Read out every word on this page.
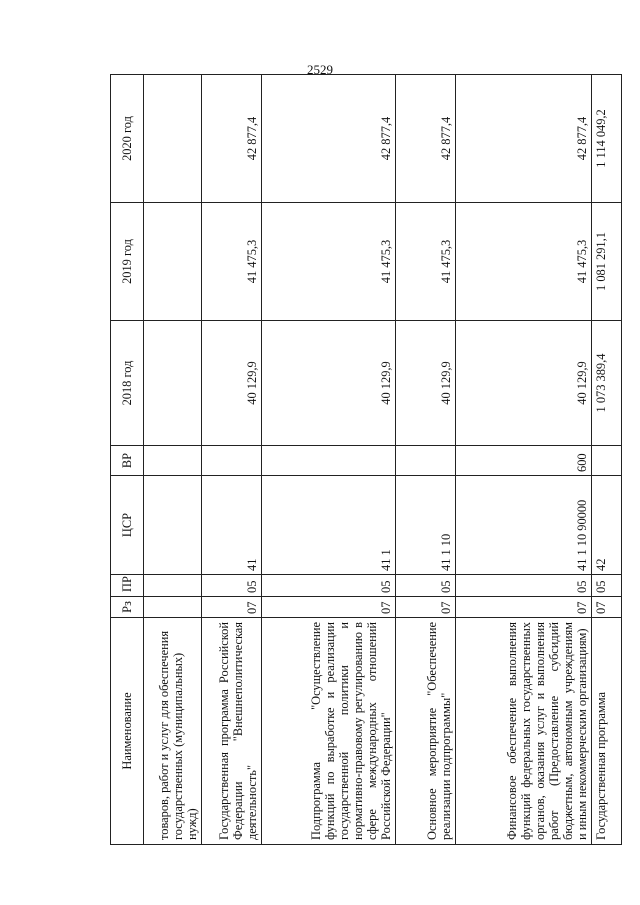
2529
Наименование	Рз	ПР	ЦСР	ВР	2018 год	2019 год	2020 год
товаров, работ и услуг для обеспечения государственных (муниципальных) нужд)							
Государственная программа Российской Федерации "Внешнеполитическая деятельность"	07	05	41		40 129,9	41 475,3	42 877,4
Подпрограмма "Осуществление функций по выработке и реализации государственной политики и нормативно-правовому регулированию в сфере международных отношений Российской Федерации"	07	05	41 1		40 129,9	41 475,3	42 877,4
Основное мероприятие "Обеспечение реализации подпрограммы"	07	05	41 1 10		40 129,9	41 475,3	42 877,4
Финансовое обеспечение выполнения функций федеральных государственных органов, оказания услуг и выполнения работ (Предоставление субсидий бюджетным, автономным учреждениям и иным некоммерческим организациям)	07	05	41 1 10 90000	600	40 129,9	41 475,3	42 877,4
Государственная программа	07	05	42		1 073 389,4	1 081 291,1	1 114 049,2
